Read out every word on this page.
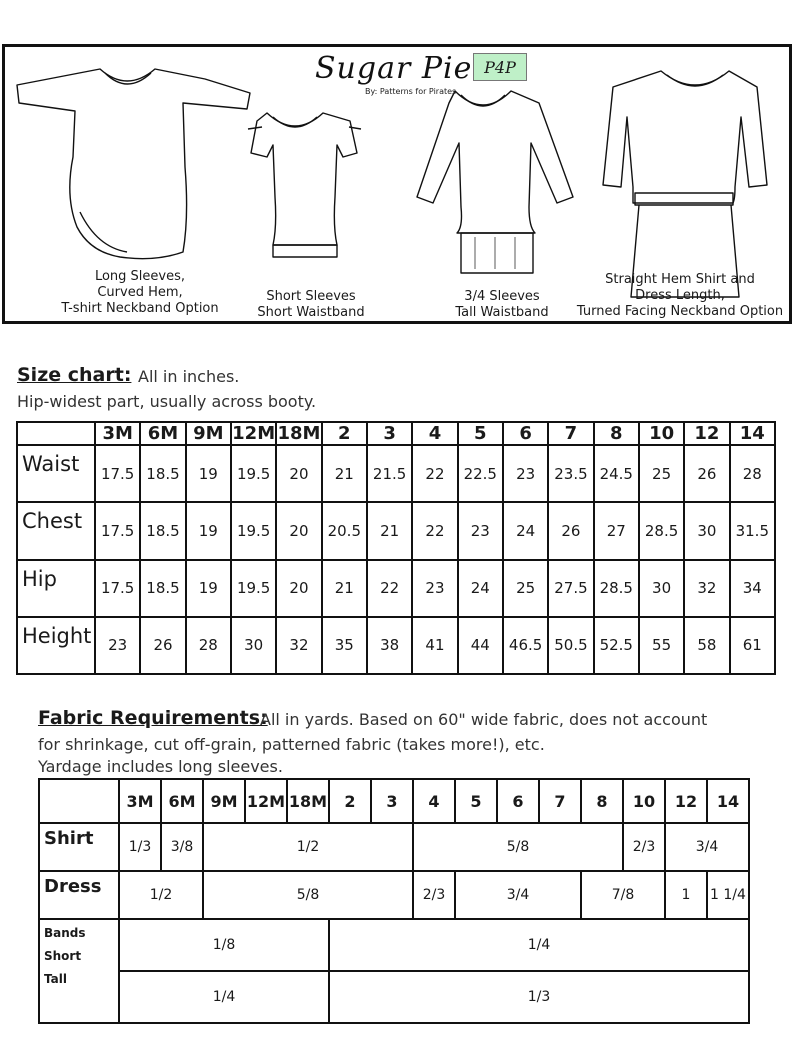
Sugar Pie
By: Patterns for Pirates
P4P
Long Sleeves,
Curved Hem,
T-shirt Neckband Option
Short Sleeves
Short Waistband
3/4 Sleeves
Tall Waistband
Straight Hem Shirt and
Dress Length,
Turned Facing Neckband Option
Size chart: All in inches.
Hip-widest part, usually across booty.
	3M	6M	9M	12M	18M	2	3	4	5	6	7	8	10	12	14
Waist	17.5	18.5	19	19.5	20	21	21.5	22	22.5	23	23.5	24.5	25	26	28
Chest	17.5	18.5	19	19.5	20	20.5	21	22	23	24	26	27	28.5	30	31.5
Hip	17.5	18.5	19	19.5	20	21	22	23	24	25	27.5	28.5	30	32	34
Height	23	26	28	30	32	35	38	41	44	46.5	50.5	52.5	55	58	61
Fabric Requirements:
All in yards. Based on 60" wide fabric, does not account
for shrinkage, cut off-grain, patterned fabric (takes more!), etc.
Yardage includes long sleeves.
	3M	6M	9M	12M	18M	2	3	4	5	6	7	8	10	12	14
Shirt	1/3	3/8	1/2					5/8					2/3	3/4	
Dress	1/2		5/8					2/3	3/4			7/8		1	1 1/4

Bands
Short
Tall	1/8					1/4									
	1/4					1/3									
